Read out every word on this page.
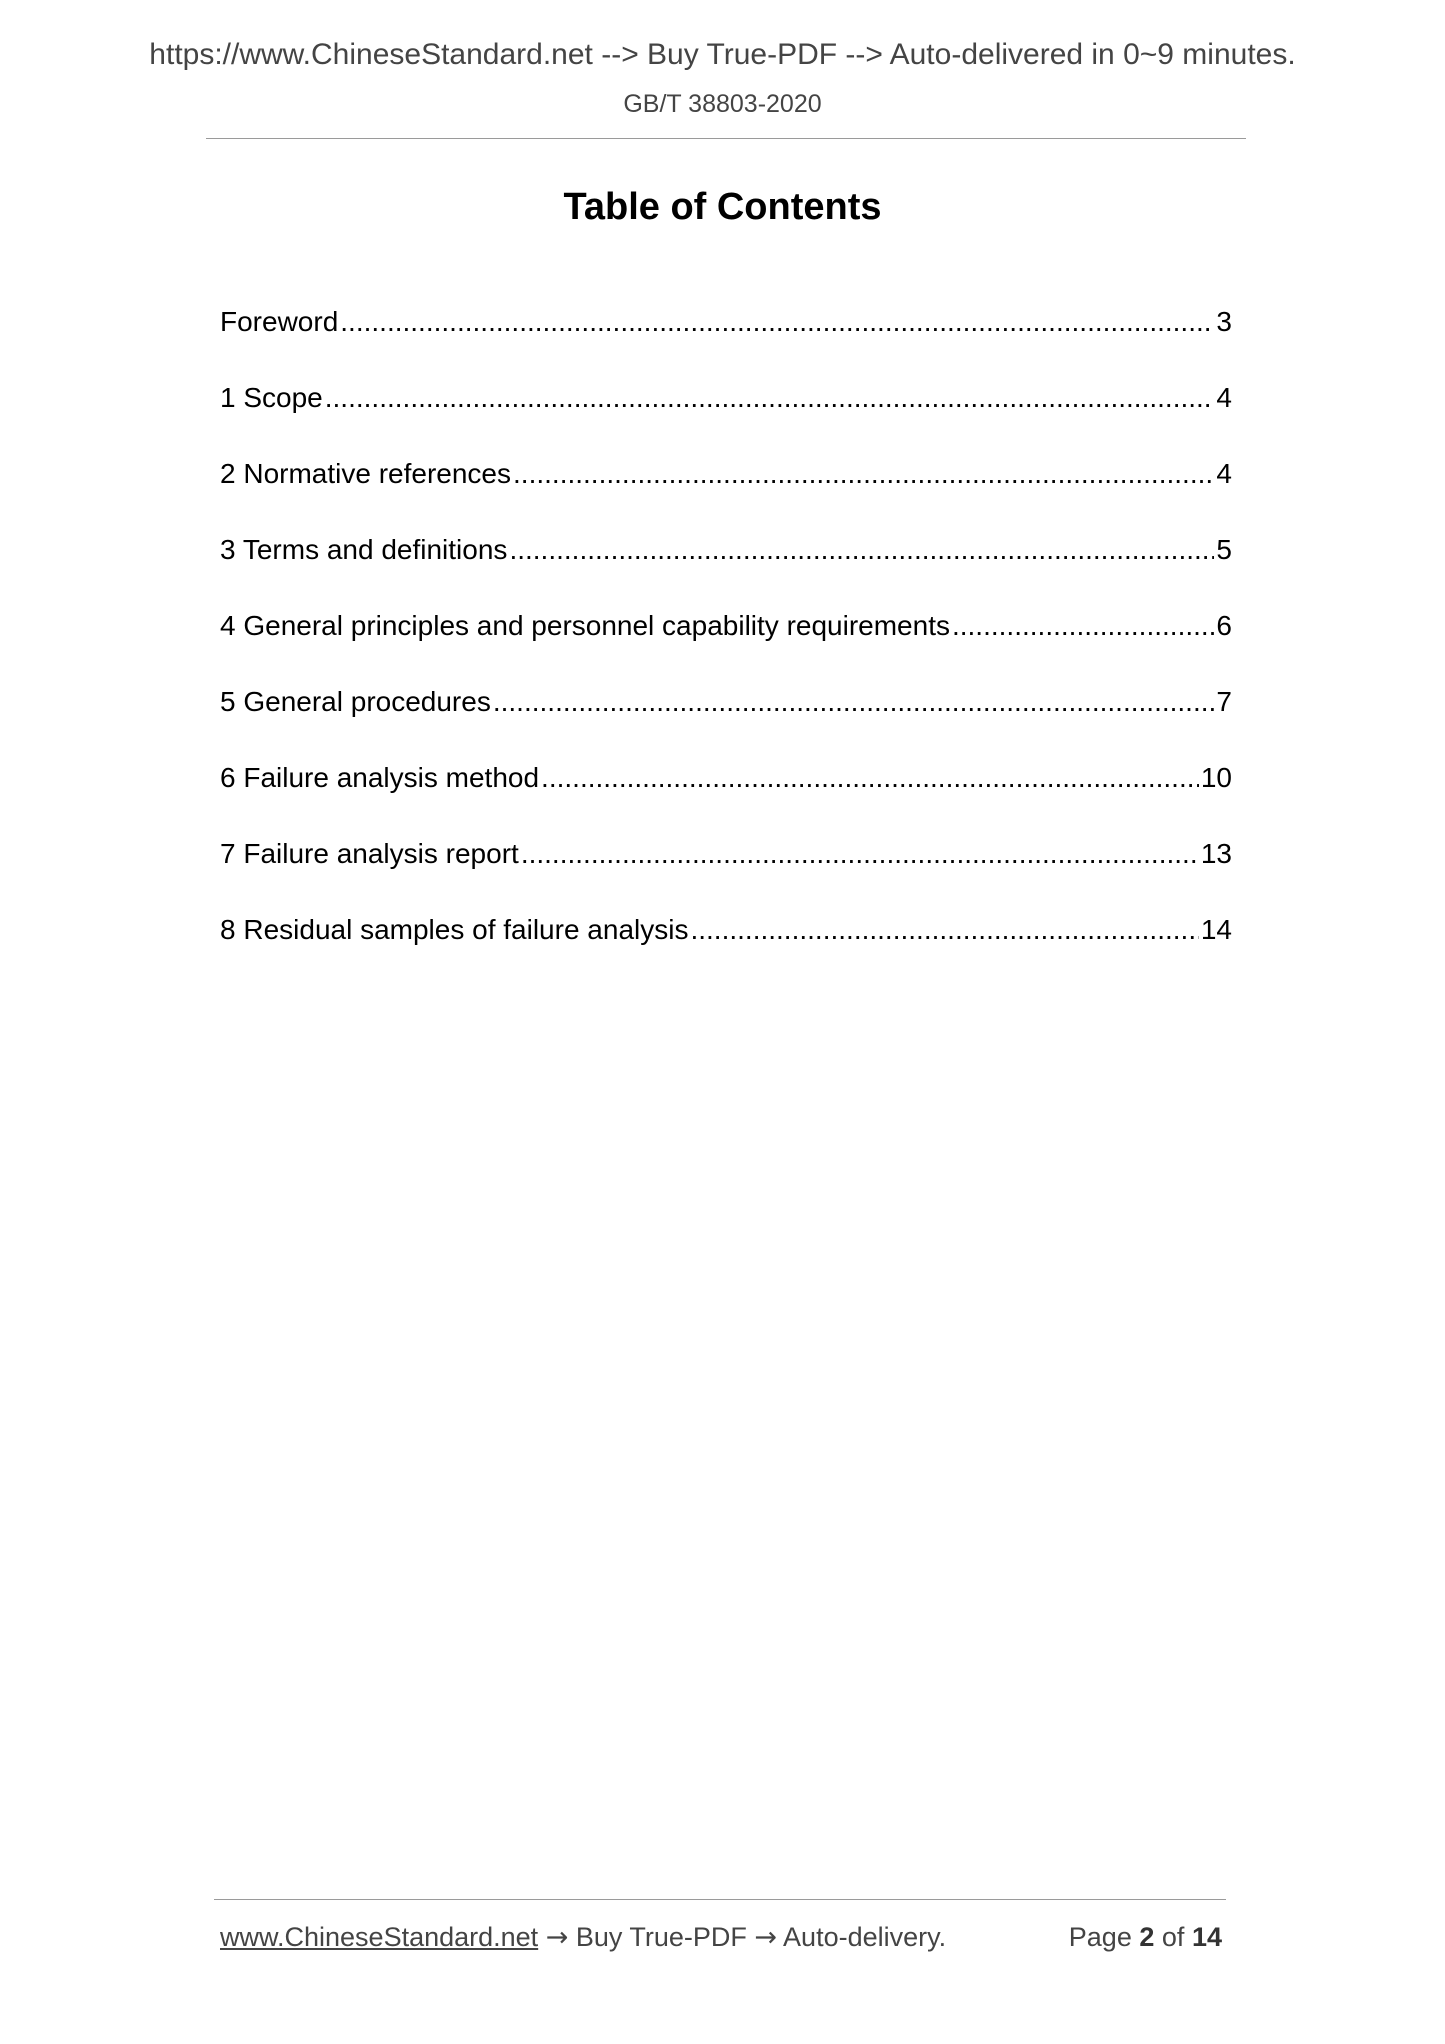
https://www.ChineseStandard.net --> Buy True-PDF --> Auto-delivered in 0~9 minutes.
GB/T 38803-2020
Table of Contents
Foreword .....	3
1 Scope .....	4
2 Normative references .....	4
3 Terms and definitions .....	5
4 General principles and personnel capability requirements .....	6
5 General procedures .....	7
6 Failure analysis method .....	10
7 Failure analysis report .....	13
8 Residual samples of failure analysis .....	14
www.ChineseStandard.net → Buy True-PDF → Auto-delivery.	Page 2 of 14
